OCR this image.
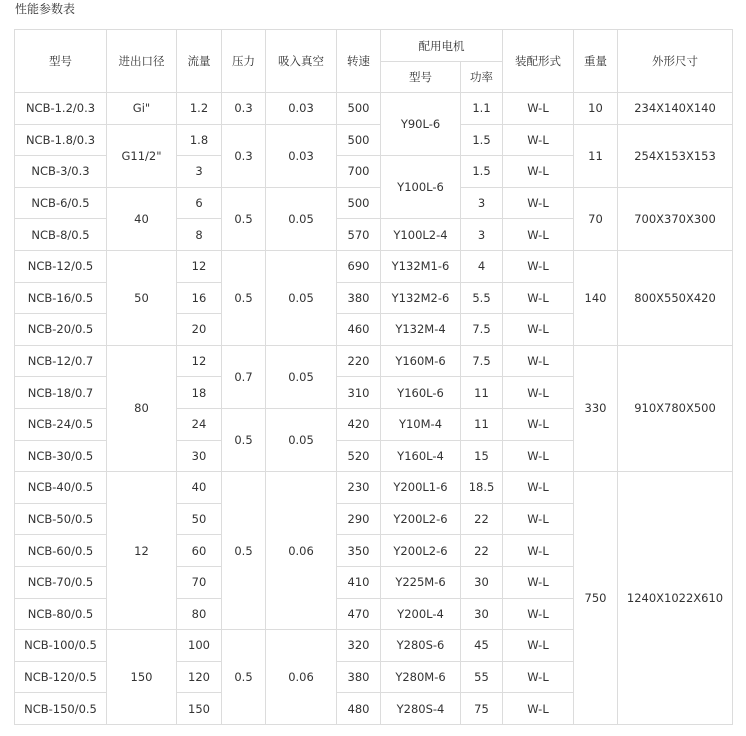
性能参数表
型号	进出口径	流量	压力	吸入真空	转速	配用电机		装配形式	重量	外形尺寸
						型号	功率			
NCB-1.2/0.3	Gi"	1.2	0.3	0.03	500	Y90L-6	1.1	W-L	10	234X140X140
NCB-1.8/0.3	G11/2"	1.8	0.3	0.03	500		1.5	W-L	11	254X153X153
NCB-3/0.3		3			700	Y100L-6	1.5	W-L		
NCB-6/0.5	40	6	0.5	0.05	500		3	W-L	70	700X370X300
NCB-8/0.5		8			570	Y100L2-4	3	W-L		
NCB-12/0.5	50	12	0.5	0.05	690	Y132M1-6	4	W-L	140	800X550X420
NCB-16/0.5		16			380	Y132M2-6	5.5	W-L		
NCB-20/0.5		20			460	Y132M-4	7.5	W-L		
NCB-12/0.7	80	12	0.7	0.05	220	Y160M-6	7.5	W-L	330	910X780X500
NCB-18/0.7		18			310	Y160L-6	11	W-L		
NCB-24/0.5		24	0.5	0.05	420	Y10M-4	11	W-L		
NCB-30/0.5		30			520	Y160L-4	15	W-L		
NCB-40/0.5	12	40	0.5	0.06	230	Y200L1-6	18.5	W-L	750	1240X1022X610
NCB-50/0.5		50			290	Y200L2-6	22	W-L		
NCB-60/0.5		60			350	Y200L2-6	22	W-L		
NCB-70/0.5		70			410	Y225M-6	30	W-L		
NCB-80/0.5		80			470	Y200L-4	30	W-L		
NCB-100/0.5	150	100	0.5	0.06	320	Y280S-6	45	W-L		
NCB-120/0.5		120			380	Y280M-6	55	W-L		
NCB-150/0.5		150			480	Y280S-4	75	W-L		
